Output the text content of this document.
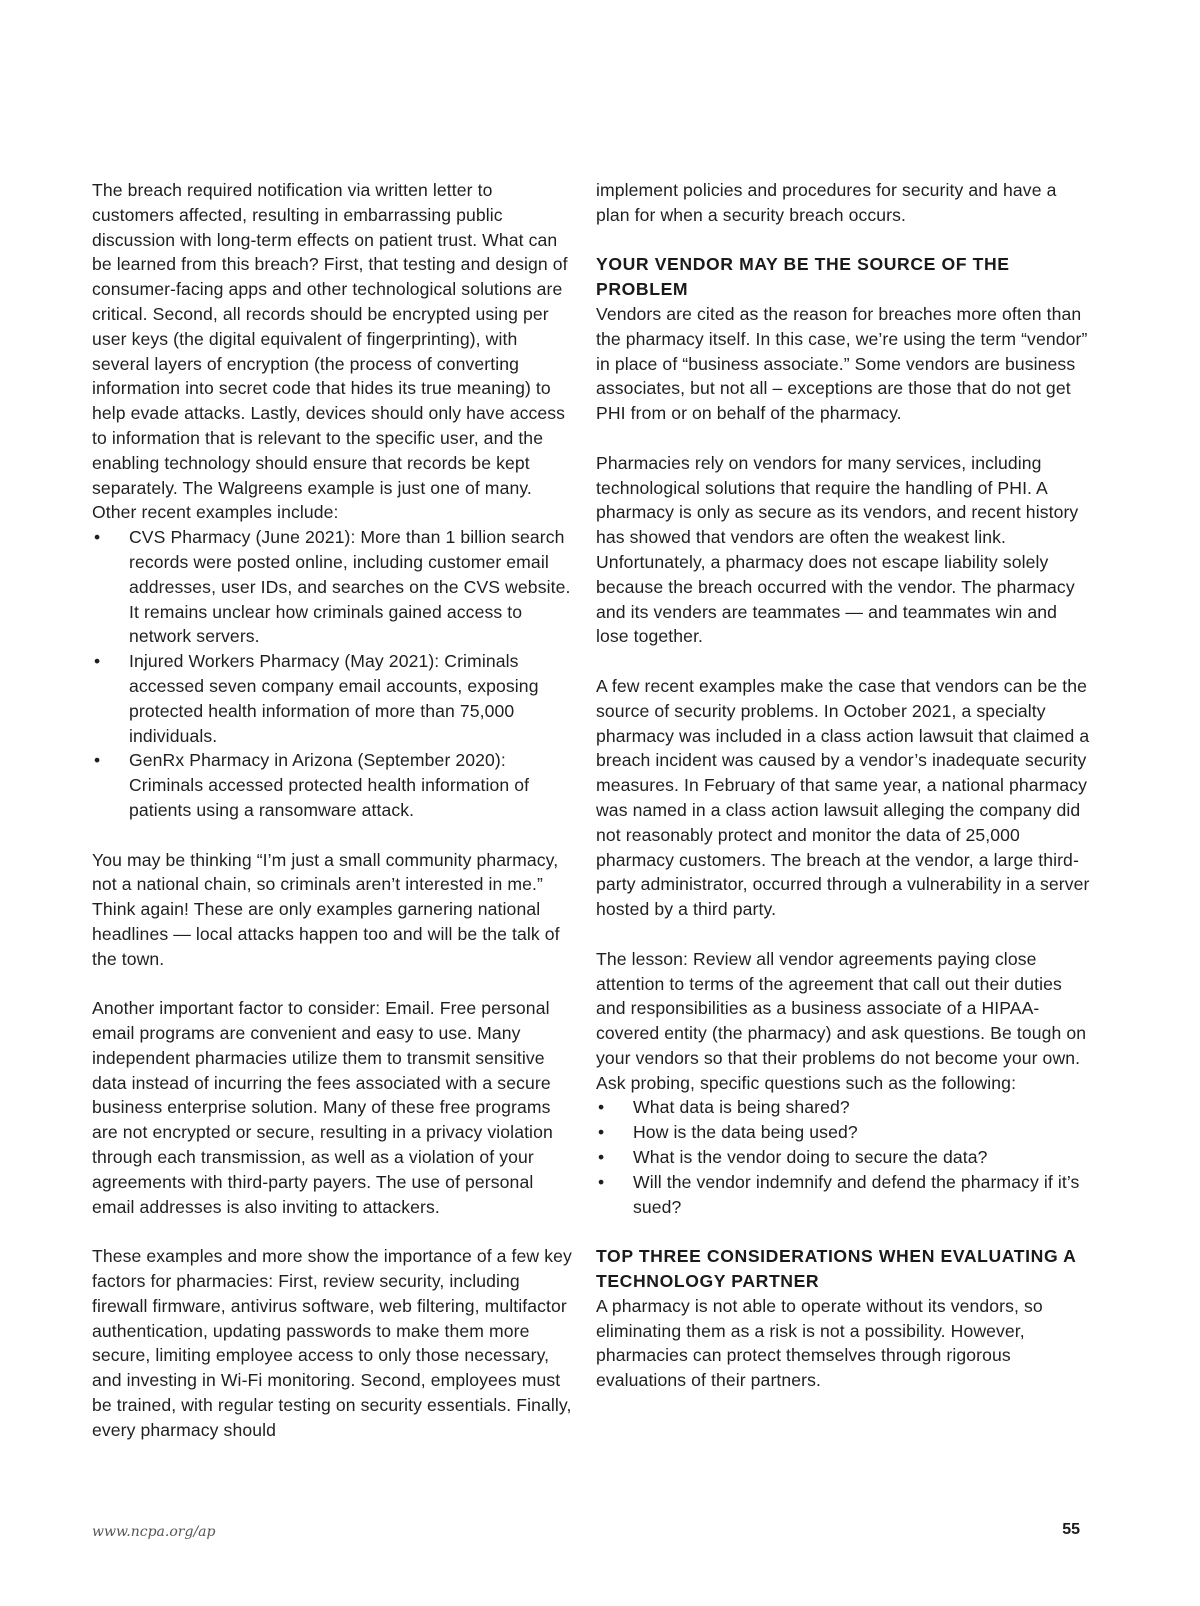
The breach required notification via written letter to customers affected, resulting in embarrassing public discussion with long-term effects on patient trust. What can be learned from this breach? First, that testing and design of consumer-facing apps and other technological solutions are critical. Second, all records should be encrypted using per user keys (the digital equivalent of fingerprinting), with several layers of encryption (the process of converting information into secret code that hides its true meaning) to help evade attacks. Lastly, devices should only have access to information that is relevant to the specific user, and the enabling technology should ensure that records be kept separately. The Walgreens example is just one of many. Other recent examples include:

• CVS Pharmacy (June 2021): More than 1 billion search records were posted online, including customer email addresses, user IDs, and searches on the CVS website. It remains unclear how criminals gained access to network servers.
• Injured Workers Pharmacy (May 2021): Criminals accessed seven company email accounts, exposing protected health information of more than 75,000 individuals.
• GenRx Pharmacy in Arizona (September 2020): Criminals accessed protected health information of patients using a ransomware attack.

You may be thinking “I’m just a small community pharmacy, not a national chain, so criminals aren’t interested in me.” Think again! These are only examples garnering national headlines — local attacks happen too and will be the talk of the town.

Another important factor to consider: Email. Free personal email programs are convenient and easy to use. Many independent pharmacies utilize them to transmit sensitive data instead of incurring the fees associated with a secure business enterprise solution. Many of these free programs are not encrypted or secure, resulting in a privacy violation through each transmission, as well as a violation of your agreements with third-party payers. The use of personal email addresses is also inviting to attackers.

These examples and more show the importance of a few key factors for pharmacies: First, review security, including firewall firmware, antivirus software, web filtering, multifactor authentication, updating passwords to make them more secure, limiting employee access to only those necessary, and investing in Wi-Fi monitoring. Second, employees must be trained, with regular testing on security essentials. Finally, every pharmacy should

implement policies and procedures for security and have a plan for when a security breach occurs.

YOUR VENDOR MAY BE THE SOURCE OF THE PROBLEM

Vendors are cited as the reason for breaches more often than the pharmacy itself. In this case, we’re using the term “vendor” in place of “business associate.” Some vendors are business associates, but not all – exceptions are those that do not get PHI from or on behalf of the pharmacy.

Pharmacies rely on vendors for many services, including technological solutions that require the handling of PHI. A pharmacy is only as secure as its vendors, and recent history has showed that vendors are often the weakest link. Unfortunately, a pharmacy does not escape liability solely because the breach occurred with the vendor. The pharmacy and its venders are teammates — and teammates win and lose together.

A few recent examples make the case that vendors can be the source of security problems. In October 2021, a specialty pharmacy was included in a class action lawsuit that claimed a breach incident was caused by a vendor’s inadequate security measures. In February of that same year, a national pharmacy was named in a class action lawsuit alleging the company did not reasonably protect and monitor the data of 25,000 pharmacy customers. The breach at the vendor, a large third-party administrator, occurred through a vulnerability in a server hosted by a third party.

The lesson: Review all vendor agreements paying close attention to terms of the agreement that call out their duties and responsibilities as a business associate of a HIPAA-covered entity (the pharmacy) and ask questions. Be tough on your vendors so that their problems do not become your own. Ask probing, specific questions such as the following:

• What data is being shared?
• How is the data being used?
• What is the vendor doing to secure the data?
• Will the vendor indemnify and defend the pharmacy if it’s sued?
TOP THREE CONSIDERATIONS WHEN EVALUATING A TECHNOLOGY PARTNER

A pharmacy is not able to operate without its vendors, so eliminating them as a risk is not a possibility. However, pharmacies can protect themselves through rigorous evaluations of their partners.

www.ncpa.org/ap	55
